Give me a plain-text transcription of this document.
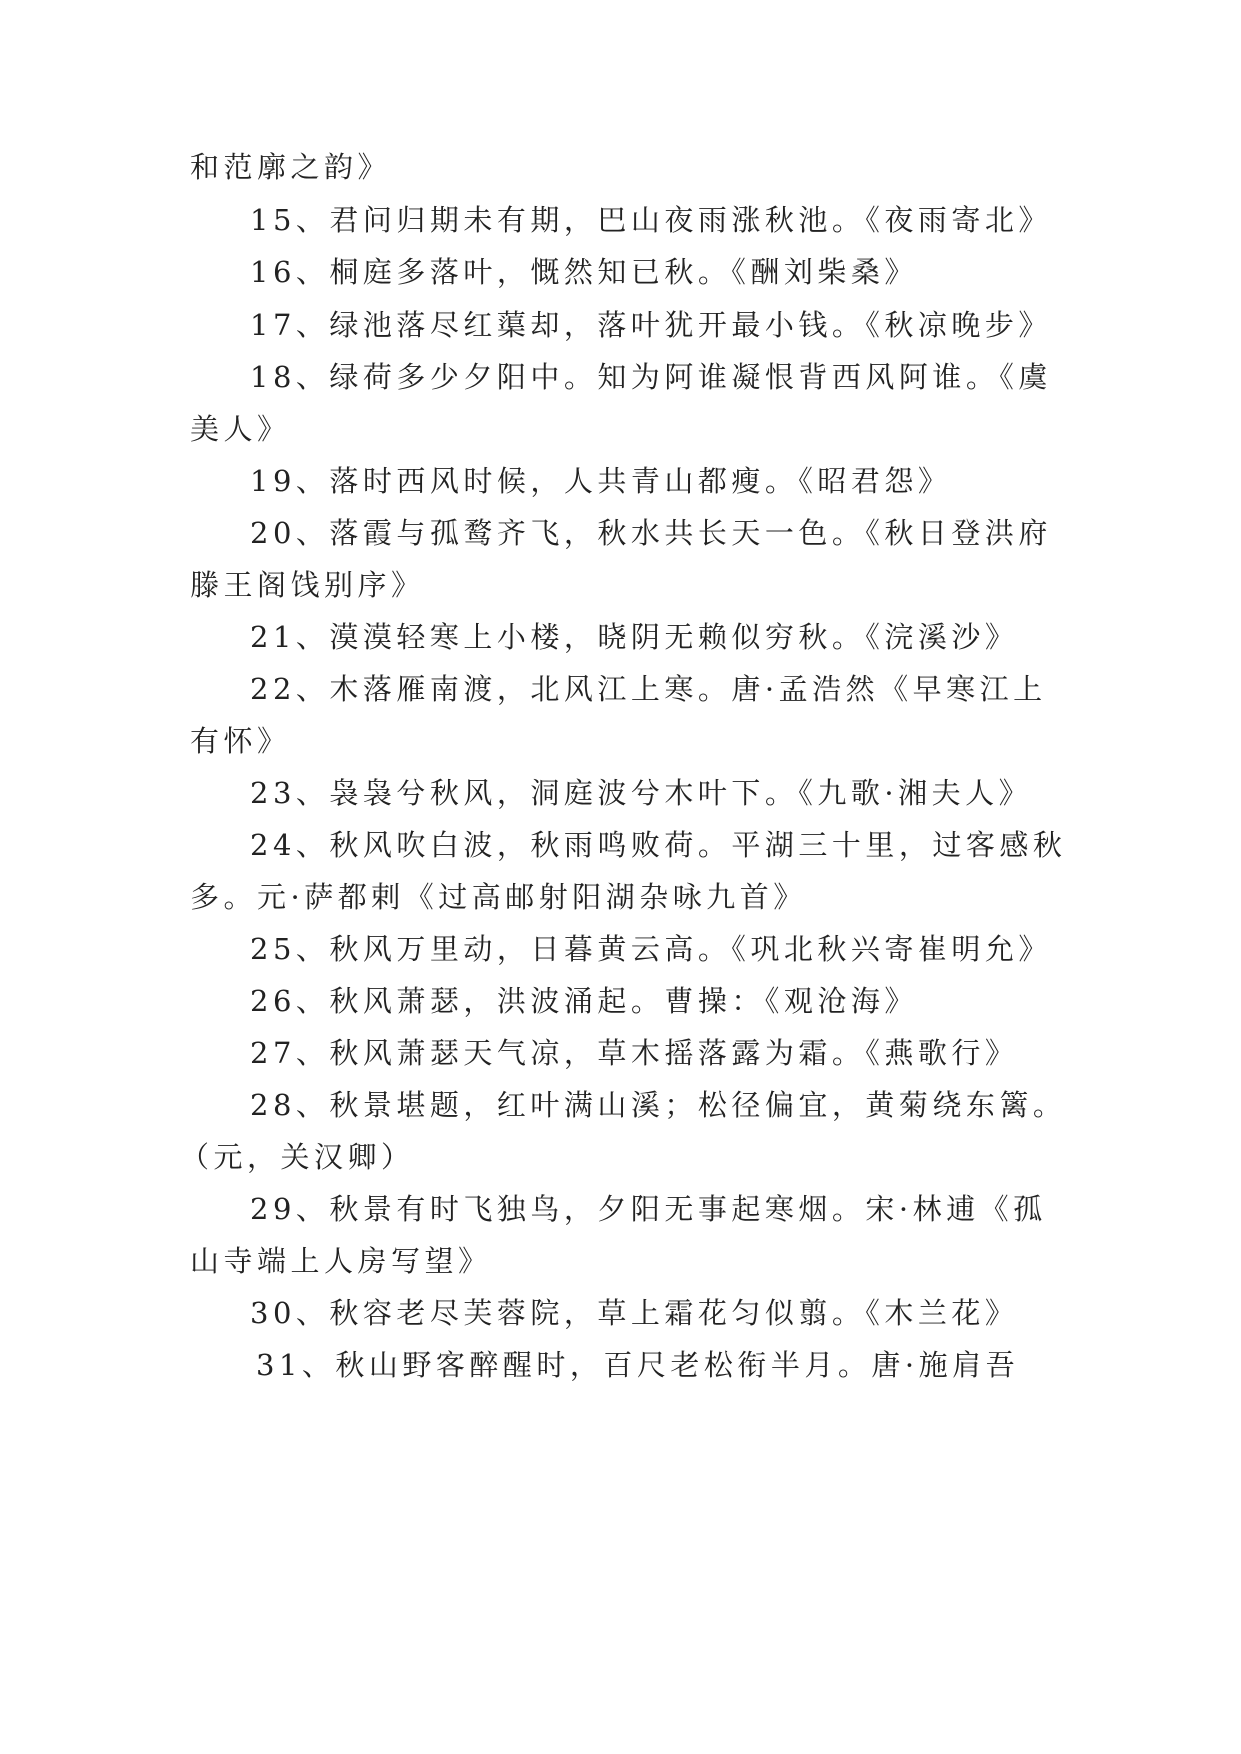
和范廓之韵》
15、君问归期未有期，巴山夜雨涨秋池。《夜雨寄北》
16、桐庭多落叶，慨然知已秋。《酬刘柴桑》
17、绿池落尽红蕖却，落叶犹开最小钱。《秋凉晚步》
18、绿荷多少夕阳中。知为阿谁凝恨背西风阿谁。《虞
美人》
19、落时西风时候，人共青山都瘦。《昭君怨》
20、落霞与孤鹜齐飞，秋水共长天一色。《秋日登洪府
滕王阁饯别序》
21、漠漠轻寒上小楼，晓阴无赖似穷秋。《浣溪沙》
22、木落雁南渡，北风江上寒。唐·孟浩然《早寒江上
有怀》
23、袅袅兮秋风，洞庭波兮木叶下。《九歌·湘夫人》
24、秋风吹白波，秋雨鸣败荷。平湖三十里，过客感秋
多。元·萨都剌《过高邮射阳湖杂咏九首》
25、秋风万里动，日暮黄云高。《巩北秋兴寄崔明允》
26、秋风萧瑟，洪波涌起。曹操：《观沧海》
27、秋风萧瑟天气凉，草木摇落露为霜。《燕歌行》
28、秋景堪题，红叶满山溪；松径偏宜，黄菊绕东篱。
（元，关汉卿）
29、秋景有时飞独鸟，夕阳无事起寒烟。宋·林逋《孤
山寺端上人房写望》
30、秋容老尽芙蓉院，草上霜花匀似翦。《木兰花》
31、秋山野客醉醒时，百尺老松衔半月。唐·施肩吾
